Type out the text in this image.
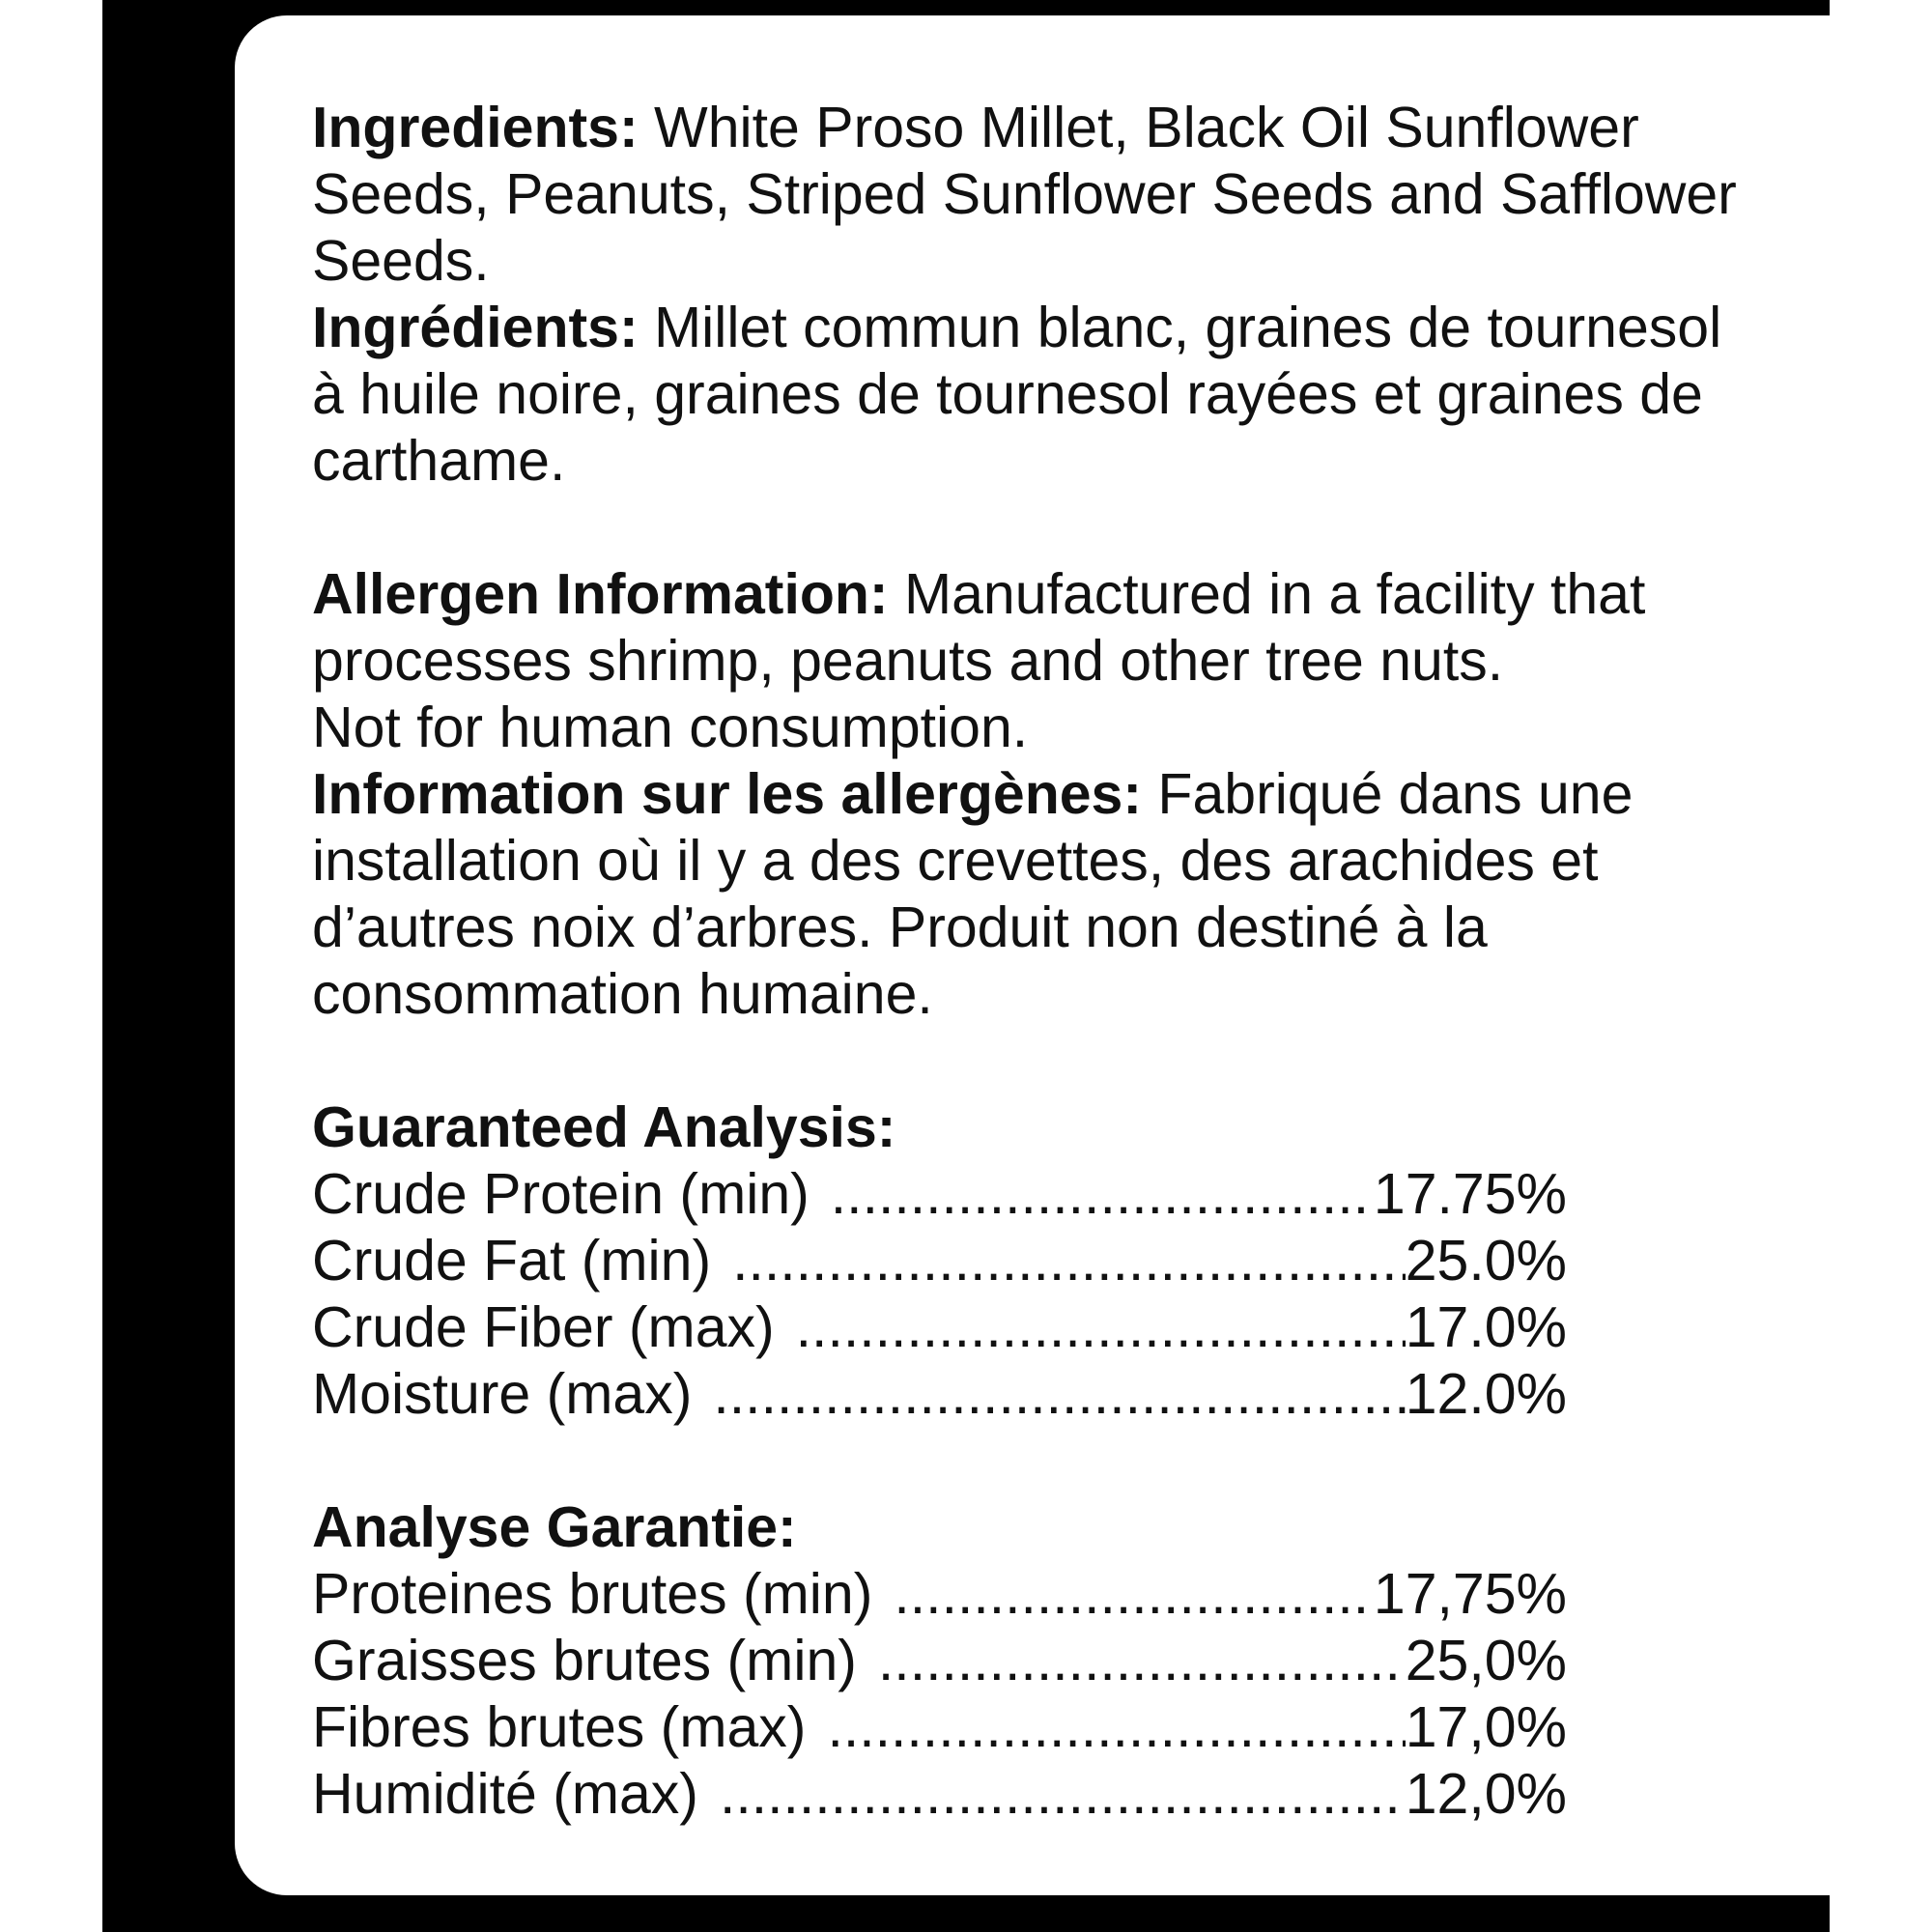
Ingredients: White Proso Millet, Black Oil Sunflower Seeds, Peanuts, Striped Sunflower Seeds and Safflower Seeds.

Ingrédients: Millet commun blanc, graines de tournesol à huile noire, graines de tournesol rayées et graines de carthame.

Allergen Information: Manufactured in a facility that processes shrimp, peanuts and other tree nuts.

Not for human consumption.

Information sur les allergènes: Fabriqué dans une installation où il y a des crevettes, des arachides et d’autres noix d’arbres. Produit non destiné à la consommation humaine.

Guaranteed Analysis:

Crude Protein (min) .....	17.75%
Crude Fat (min) .....	25.0%
Crude Fiber (max) .....	17.0%
Moisture (max) .....	12.0%

Analyse Garantie:

Proteines brutes (min) .....	17,75%
Graisses brutes (min) .....	25,0%
Fibres brutes (max) .....	17,0%
Humidité (max) .....	12,0%
